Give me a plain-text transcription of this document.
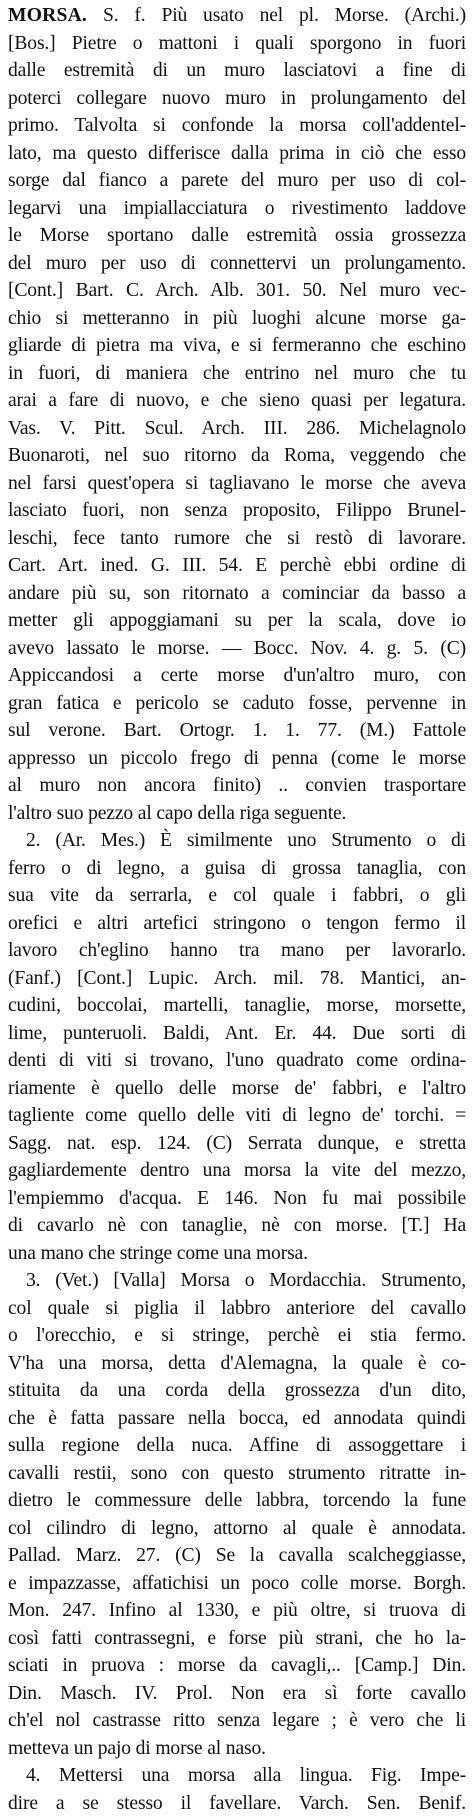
MORSA. S. f. Più usato nel pl. Morse. (Archi.)
[Bos.] Pietre o mattoni i quali sporgono in fuori
dalle estremità di un muro lasciatovi a fine di
poterci collegare nuovo muro in prolungamento del
primo. Talvolta si confonde la morsa coll'addentel-
lato, ma questo differisce dalla prima in ciò che esso
sorge dal fianco a parete del muro per uso di col-
legarvi una impiallacciatura o rivestimento laddove
le Morse sportano dalle estremità ossia grossezza
del muro per uso di connettervi un prolungamento.
[Cont.] Bart. C. Arch. Alb. 301. 50. Nel muro vec-
chio si metteranno in più luoghi alcune morse ga-
gliarde di pietra ma viva, e si fermeranno che eschino
in fuori, di maniera che entrino nel muro che tu
arai a fare di nuovo, e che sieno quasi per legatura.
Vas. V. Pitt. Scul. Arch. III. 286. Michelagnolo
Buonaroti, nel suo ritorno da Roma, veggendo che
nel farsi quest'opera si tagliavano le morse che aveva
lasciato fuori, non senza proposito, Filippo Brunel-
leschi, fece tanto rumore che si restò di lavorare.
Cart. Art. ined. G. III. 54. E perchè ebbi ordine di
andare più su, son ritornato a cominciar da basso a
metter gli appoggiamani su per la scala, dove io
avevo lassato le morse. — Bocc. Nov. 4. g. 5. (C)
Appiccandosi a certe morse d'un'altro muro, con
gran fatica e pericolo se caduto fosse, pervenne in
sul verone. Bart. Ortogr. 1. 1. 77. (M.) Fattole
appresso un piccolo frego di penna (come le morse
al muro non ancora finito) .. convien trasportare
l'altro suo pezzo al capo della riga seguente.
2. (Ar. Mes.) È similmente uno Strumento o di
ferro o di legno, a guisa di grossa tanaglia, con
sua vite da serrarla, e col quale i fabbri, o gli
orefici e altri artefici stringono o tengon fermo il
lavoro ch'eglino hanno tra mano per lavorarlo.
(Fanf.) [Cont.] Lupic. Arch. mil. 78. Mantici, an-
cudini, boccolai, martelli, tanaglie, morse, morsette,
lime, punteruoli. Baldi, Ant. Er. 44. Due sorti di
denti di viti si trovano, l'uno quadrato come ordina-
riamente è quello delle morse de' fabbri, e l'altro
tagliente come quello delle viti di legno de' torchi. =
Sagg. nat. esp. 124. (C) Serrata dunque, e stretta
gagliardemente dentro una morsa la vite del mezzo,
l'empiemmo d'acqua. E 146. Non fu mai possibile
di cavarlo nè con tanaglie, nè con morse. [T.] Ha
una mano che stringe come una morsa.
3. (Vet.) [Valla] Morsa o Mordacchia. Strumento,
col quale si piglia il labbro anteriore del cavallo
o l'orecchio, e si stringe, perchè ei stia fermo.
V'ha una morsa, detta d'Alemagna, la quale è co-
stituita da una corda della grossezza d'un dito,
che è fatta passare nella bocca, ed annodata quindi
sulla regione della nuca. Affine di assoggettare i
cavalli restii, sono con questo strumento ritratte in-
dietro le commessure delle labbra, torcendo la fune
col cilindro di legno, attorno al quale è annodata.
Pallad. Marz. 27. (C) Se la cavalla scalcheggiasse,
e impazzasse, affatichisi un poco colle morse. Borgh.
Mon. 247. Infino al 1330, e più oltre, si truova di
così fatti contrassegni, e forse più strani, che ho la-
sciati in pruova : morse da cavagli,.. [Camp.] Din.
Din. Masch. IV. Prol. Non era sì forte cavallo
ch'el nol castrasse ritto senza legare ; è vero che li
metteva un pajo di morse al naso.
4. Mettersi una morsa alla lingua. Fig. Impe-
dire a se stesso il favellare. Varch. Sen. Benif.
